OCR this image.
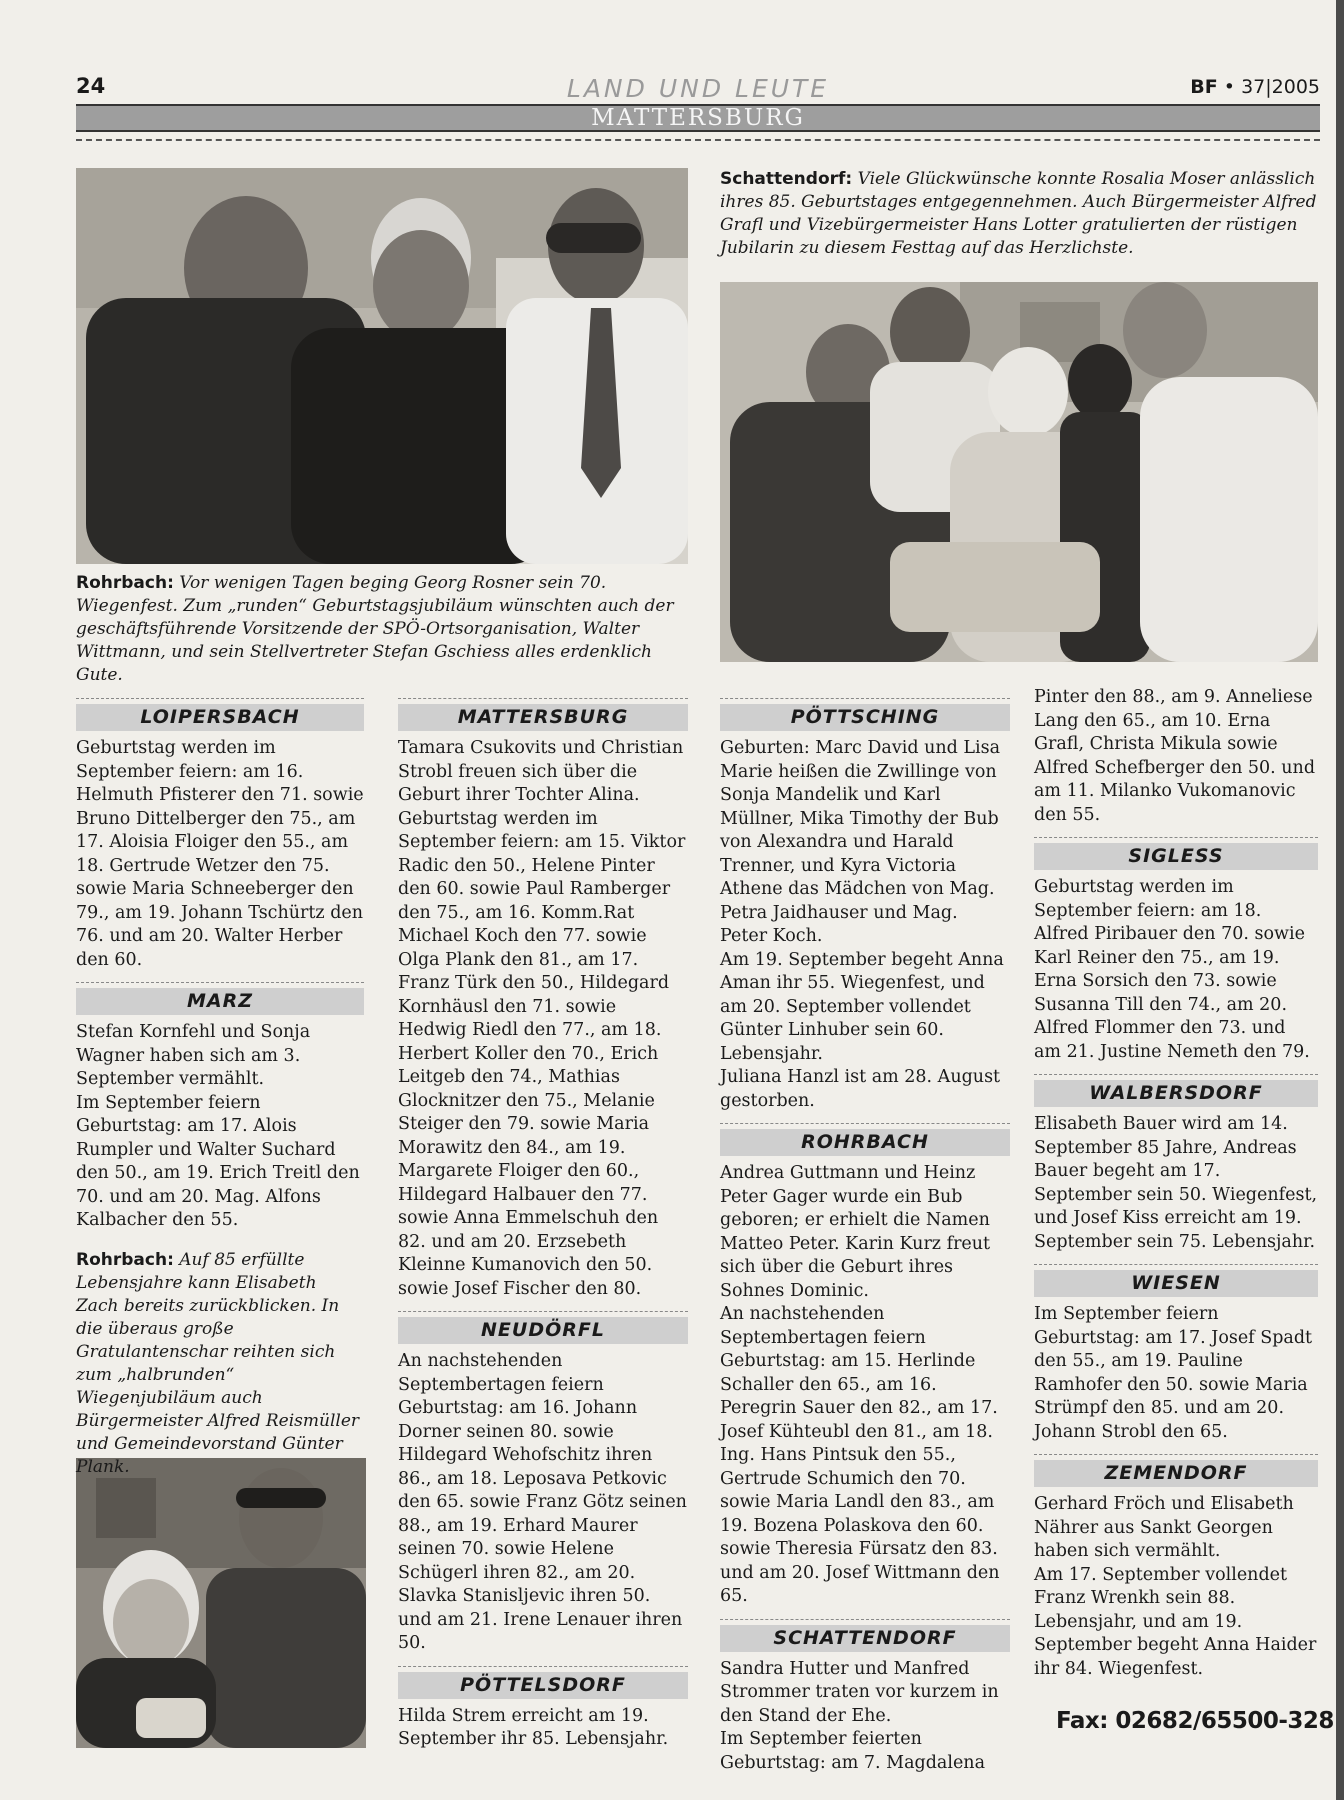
24	LAND UND LEUTE	BF • 37|2005
MATTERSBURG
Schattendorf: Viele Glückwünsche konnte Rosalia Moser anlässlich ihres 85. Geburtstages entgegennehmen. Auch Bürgermeister Alfred Grafl und Vizebürgermeister Hans Lotter gratulierten der rüstigen Jubilarin zu diesem Festtag auf das Herzlichste.
Rohrbach: Vor wenigen Tagen beging Georg Rosner sein 70. Wiegenfest. Zum „runden“ Geburtstagsjubiläum wünschten auch der geschäftsführende Vorsitzende der SPÖ-Ortsorganisation, Walter Wittmann, und sein Stellvertreter Stefan Gschiess alles erdenklich Gute.
LOIPERSBACH

Geburtstag werden im September feiern: am 16. Helmuth Pfisterer den 71. sowie Bruno Dittelberger den 75., am 17. Aloisia Floiger den 55., am 18. Gertrude Wetzer den 75. sowie Maria Schneeberger den 79., am 19. Johann Tschürtz den 76. und am 20. Walter Herber den 60.

MARZ

Stefan Kornfehl und Sonja Wagner haben sich am 3. September vermählt.

Im September feiern Geburtstag: am 17. Alois Rumpler und Walter Suchard den 50., am 19. Erich Treitl den 70. und am 20. Mag. Alfons Kalbacher den 55.

Rohrbach: Auf 85 erfüllte Lebensjahre kann Elisabeth Zach bereits zurückblicken. In die überaus große Gratulantenschar reihten sich zum „halbrunden“ Wiegenjubiläum auch Bürgermeister Alfred Reismüller und Gemeindevorstand Günter Plank.
MATTERSBURG

Tamara Csukovits und Christian Strobl freuen sich über die Geburt ihrer Tochter Alina.

Geburtstag werden im September feiern: am 15. Viktor Radic den 50., Helene Pinter den 60. sowie Paul Ramberger den 75., am 16. Komm.Rat Michael Koch den 77. sowie Olga Plank den 81., am 17. Franz Türk den 50., Hildegard Kornhäusl den 71. sowie Hedwig Riedl den 77., am 18. Herbert Koller den 70., Erich Leitgeb den 74., Mathias Glocknitzer den 75., Melanie Steiger den 79. sowie Maria Morawitz den 84., am 19. Margarete Floiger den 60., Hildegard Halbauer den 77. sowie Anna Emmelschuh den 82. und am 20. Erzsebeth Kleinne Kumanovich den 50. sowie Josef Fischer den 80.

NEUDÖRFL

An nachstehenden Septembertagen feiern Geburtstag: am 16. Johann Dorner seinen 80. sowie Hildegard Wehofschitz ihren 86., am 18. Leposava Petkovic den 65. sowie Franz Götz seinen 88., am 19. Erhard Maurer seinen 70. sowie Helene Schügerl ihren 82., am 20. Slavka Stanisljevic ihren 50. und am 21. Irene Lenauer ihren 50.

PÖTTELSDORF

Hilda Strem erreicht am 19. September ihr 85. Lebensjahr.

PÖTTSCHING

Geburten: Marc David und Lisa Marie heißen die Zwillinge von Sonja Mandelik und Karl Müllner, Mika Timothy der Bub von Alexandra und Harald Trenner, und Kyra Victoria Athene das Mädchen von Mag. Petra Jaidhauser und Mag. Peter Koch.

Am 19. September begeht Anna Aman ihr 55. Wiegenfest, und am 20. September vollendet Günter Linhuber sein 60. Lebensjahr.

Juliana Hanzl ist am 28. August gestorben.

ROHRBACH

Andrea Guttmann und Heinz Peter Gager wurde ein Bub geboren; er erhielt die Namen Matteo Peter. Karin Kurz freut sich über die Geburt ihres Sohnes Dominic.

An nachstehenden Septembertagen feiern Geburtstag: am 15. Herlinde Schaller den 65., am 16. Peregrin Sauer den 82., am 17. Josef Kühteubl den 81., am 18. Ing. Hans Pintsuk den 55., Gertrude Schumich den 70. sowie Maria Landl den 83., am 19. Bozena Polaskova den 60. sowie Theresia Fürsatz den 83. und am 20. Josef Wittmann den 65.

SCHATTENDORF

Sandra Hutter und Manfred Strommer traten vor kurzem in den Stand der Ehe.

Im September feierten Geburtstag: am 7. Magdalena

Pinter den 88., am 9. Anneliese Lang den 65., am 10. Erna Grafl, Christa Mikula sowie Alfred Schefberger den 50. und am 11. Milanko Vukomanovic den 55.

SIGLESS

Geburtstag werden im September feiern: am 18. Alfred Piribauer den 70. sowie Karl Reiner den 75., am 19. Erna Sorsich den 73. sowie Susanna Till den 74., am 20. Alfred Flommer den 73. und am 21. Justine Nemeth den 79.

WALBERSDORF

Elisabeth Bauer wird am 14. September 85 Jahre, Andreas Bauer begeht am 17. September sein 50. Wiegenfest, und Josef Kiss erreicht am 19. September sein 75. Lebensjahr.

WIESEN

Im September feiern Geburtstag: am 17. Josef Spadt den 55., am 19. Pauline Ramhofer den 50. sowie Maria Strümpf den 85. und am 20. Johann Strobl den 65.

ZEMENDORF

Gerhard Fröch und Elisabeth Nährer aus Sankt Georgen haben sich vermählt.

Am 17. September vollendet Franz Wrenkh sein 88. Lebensjahr, und am 19. September begeht Anna Haider ihr 84. Wiegenfest.

Fax: 02682/65500-328
